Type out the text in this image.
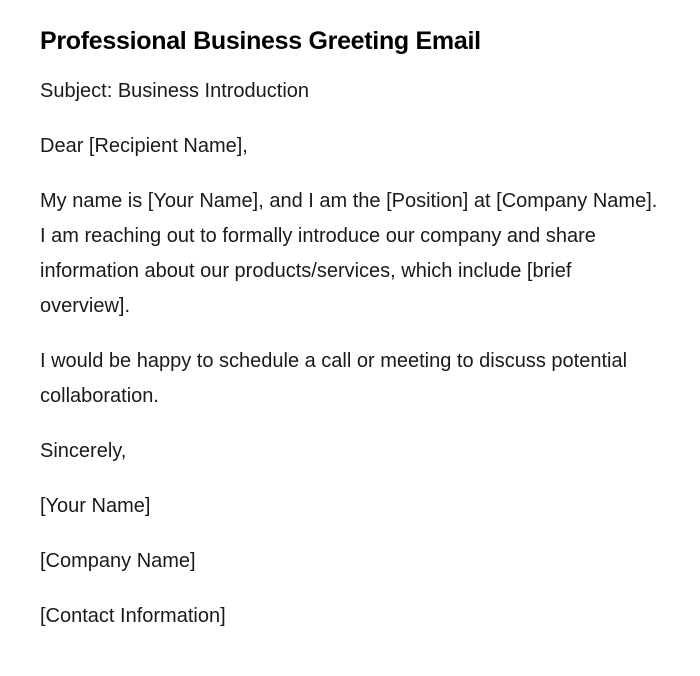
Professional Business Greeting Email

Subject: Business Introduction

Dear [Recipient Name],

My name is [Your Name], and I am the [Position] at [Company Name]. I am reaching out to formally introduce our company and share information about our products/services, which include [brief overview].

I would be happy to schedule a call or meeting to discuss potential collaboration.

Sincerely,

[Your Name]

[Company Name]

[Contact Information]
